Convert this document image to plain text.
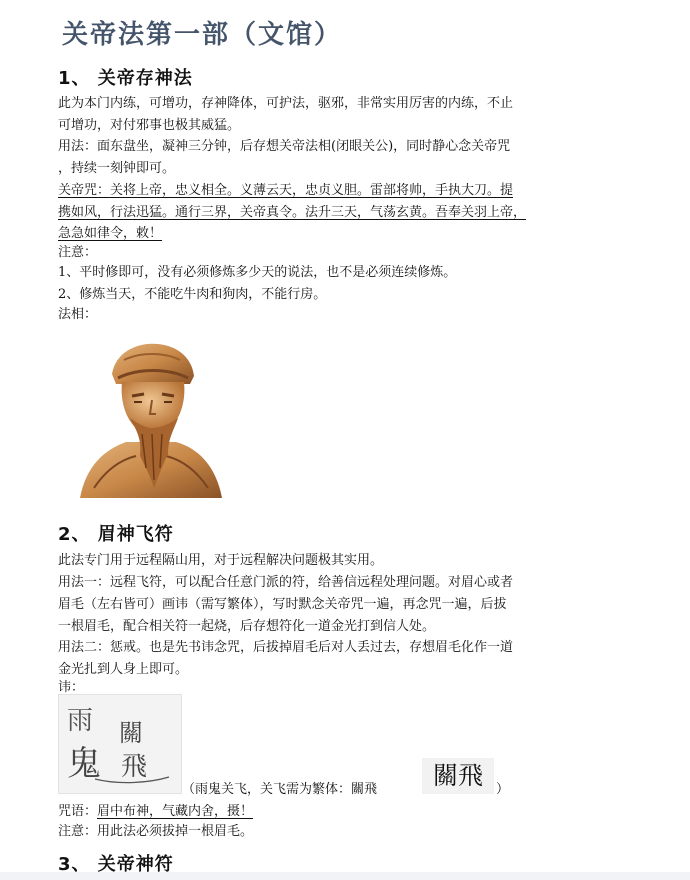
关帝法第一部（文馆）
1、 关帝存神法
此为本门内练，可增功，存神降体，可护法，驱邪，非常实用厉害的内练，不止
可增功，对付邪事也极其威猛。
用法：面东盘坐，凝神三分钟，后存想关帝法相(闭眼关公)，同时静心念关帝咒
，持续一刻钟即可。
关帝咒：关将上帝，忠义相全。义薄云天，忠贞义胆。雷部将帅，手执大刀。提
携如风，行法迅猛。通行三界，关帝真令。法升三天，气荡玄黄。吾奉关羽上帝，
急急如律令，敕！
注意：
1、平时修即可，没有必须修炼多少天的说法，也不是必须连续修炼。
2、修炼当天，不能吃牛肉和狗肉，不能行房。
法相：
2、 眉神飞符
此法专门用于远程隔山用，对于远程解决问题极其实用。
用法一：远程飞符，可以配合任意门派的符，给善信远程处理问题。对眉心或者
眉毛（左右皆可）画讳（需写繁体），写时默念关帝咒一遍，再念咒一遍，后拔
一根眉毛，配合相关符一起烧，后存想符化一道金光打到信人处。
用法二：惩戒。也是先书讳念咒，后拔掉眉毛后对人丢过去，存想眉毛化作一道
金光扎到人身上即可。
讳：
雨
鬼
關
飛
（雨鬼关飞，关飞需为繁体：關飛	關飛	）
咒语：眉中布神，气藏内舍，摄！
注意：用此法必须拔掉一根眉毛。
3、 关帝神符
